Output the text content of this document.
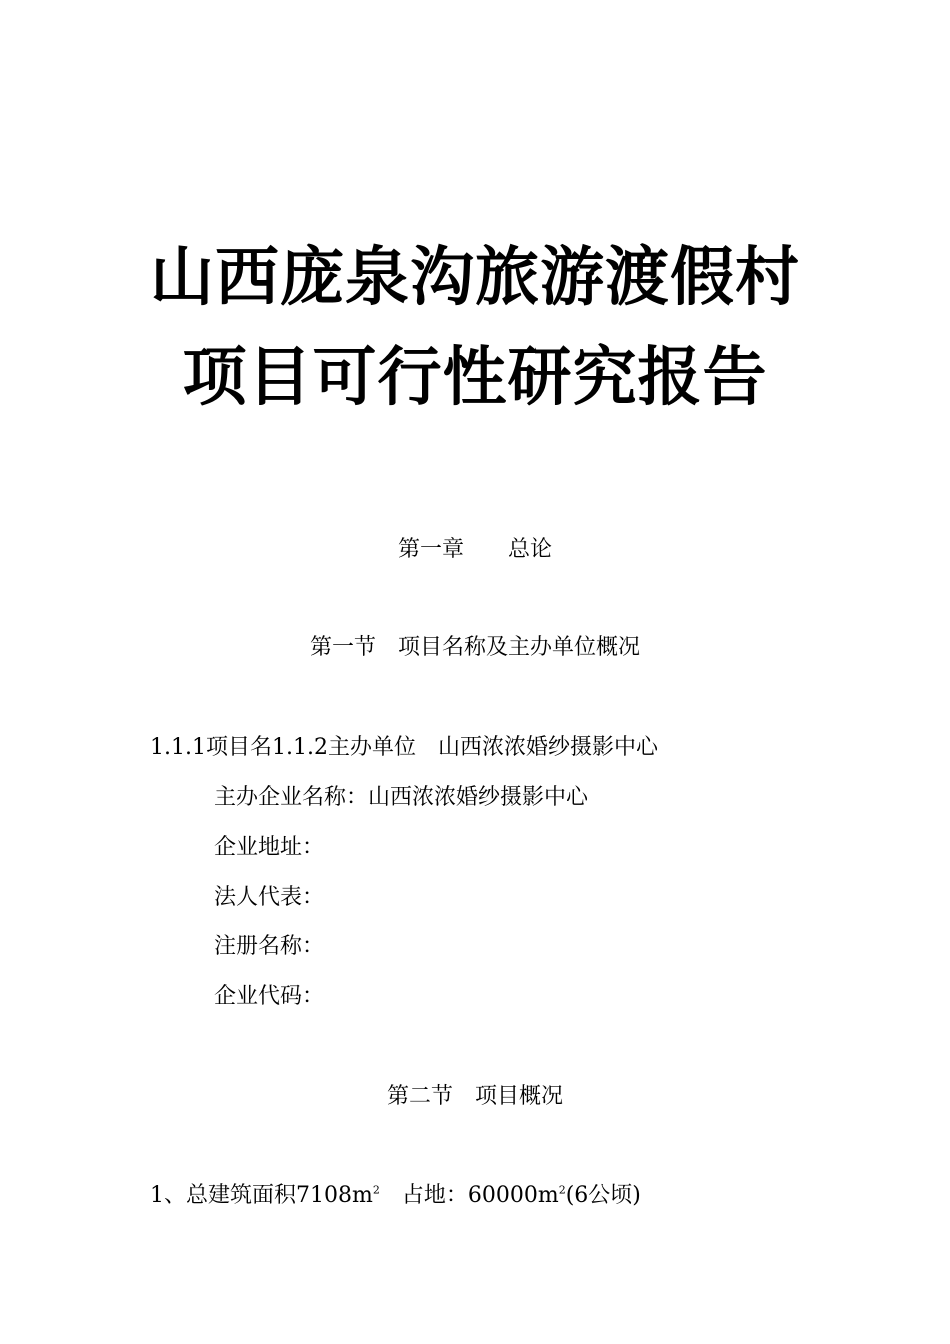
山西庞泉沟旅游渡假村
项目可行性研究报告
第一章　　总论
第一节　项目名称及主办单位概况
1.1.1项目名1.1.2主办单位　山西浓浓婚纱摄影中心
主办企业名称：山西浓浓婚纱摄影中心
企业地址：
法人代表：
注册名称：
企业代码：
第二节　项目概况
1、总建筑面积$7108m^2$　占地：$60000m^2(6$公顷)
